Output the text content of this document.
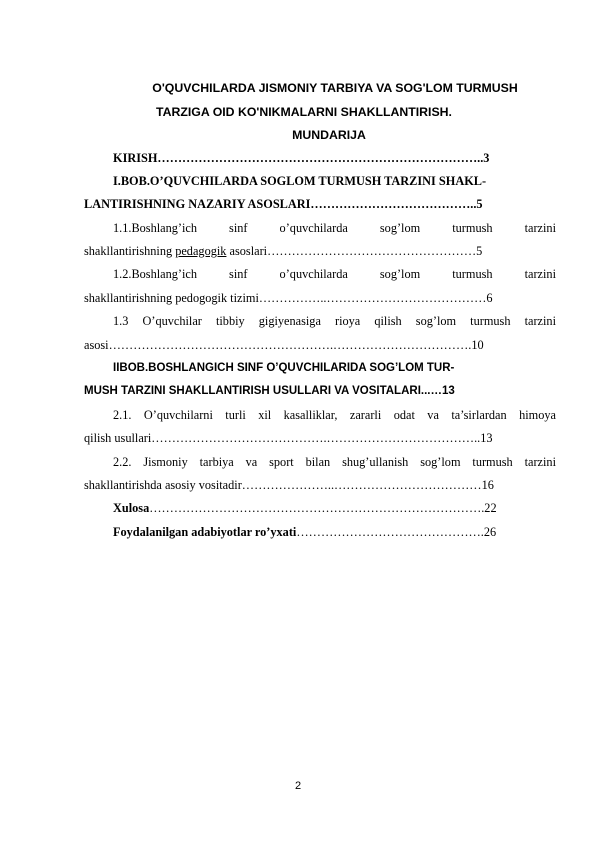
O'QUVCHILARDA JISMONIY TARBIYA VA SOG'LOM TURMUSH
TARZIGA OID KO'NIKMALARNI SHAKLLANTIRISH.
MUNDARIJA
KIRISH……………………………………………………………………..3
I.BOB.O’QUVCHILARDA SOGLOM TURMUSH TARZINI SHAKL-
LANTIRISHNING NAZARIY ASOSLARI…………………………………..5
1.1.Boshlang’ich sinf o’quvchilarda sog’lom turmush tarzini
shakllantirishning pedagogik asoslari……………………………………………5
1.2.Boshlang’ich sinf o’quvchilarda sog’lom turmush tarzini
shakllantirishning pedogogik tizimi……………..…………………………………6
1.3 O’quvchilar tibbiy gigiyenasiga rioya qilish sog’lom turmush tarzini
asosi……………………………………………….…………………………….10
IIBOB.BOSHLANGICH SINF O’QUVCHILARIDA SOG’LOM TUR-
MUSH TARZINI SHAKLLANTIRISH USULLARI VA VOSITALARI...…13
2.1. O’quvchilarni turli xil kasalliklar, zararli odat va ta’sirlardan himoya
qilish usullari…………………………………….………………………………..13
2.2. Jismoniy tarbiya va sport bilan shug’ullanish sog’lom turmush tarzini
shakllantirishda asosiy vositadir…………………..………………………………16
Xulosa……………………………………………………………………….22
Foydalanilgan adabiyotlar ro’yxati……………………………………….26
2
